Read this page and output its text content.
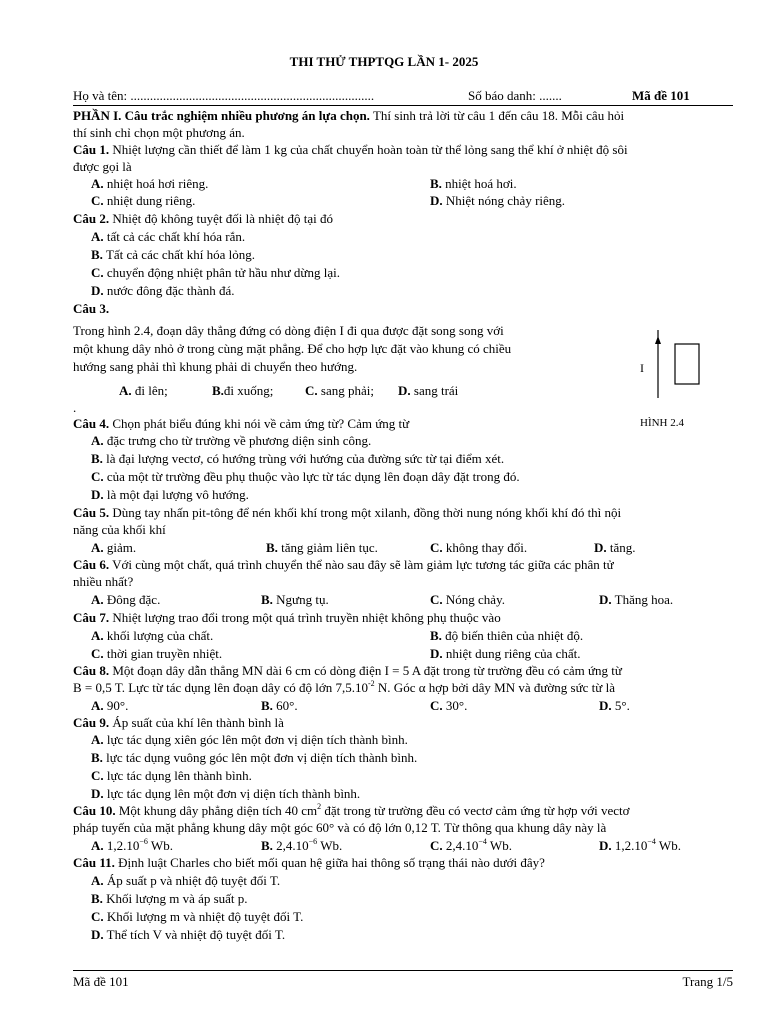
THI THỬ THPTQG LẦN 1- 2025
Họ và tên: ...........................................................................	Số báo danh: .......	Mã đề 101
PHẦN I. Câu trắc nghiệm nhiều phương án lựa chọn. Thí sinh trả lời từ câu 1 đến câu 18. Mỗi câu hỏi
thí sinh chỉ chọn một phương án.
Câu 1. Nhiệt lượng cần thiết để làm 1 kg của chất chuyển hoàn toàn từ thể lỏng sang thể khí ở nhiệt độ sôi
được gọi là
A. nhiệt hoá hơi riêng.	B. nhiệt hoá hơi.
C. nhiệt dung riêng.	D. Nhiệt nóng chảy riêng.
Câu 2. Nhiệt độ không tuyệt đối là nhiệt độ tại đó
A. tất cả các chất khí hóa rắn.
B. Tất cả các chất khí hóa lỏng.
C. chuyển động nhiệt phân tử hầu như dừng lại.
D. nước đông đặc thành đá.
Câu 3.
Trong hình 2.4, đoạn dây thẳng đứng có dòng điện I đi qua được đặt song song với
một khung dây nhỏ ở trong cùng mặt phẳng. Để cho hợp lực đặt vào khung có chiều
hướng sang phải thì khung phải di chuyển theo hướng.
A. đi lên;	B.đi xuống; C. sang phải; D. sang trái
.
I
HÌNH 2.4
Câu 4. Chọn phát biểu đúng khi nói về cảm ứng từ? Cảm ứng từ
A. đặc trưng cho từ trường về phương diện sinh công.
B. là đại lượng vectơ, có hướng trùng với hướng của đường sức từ tại điểm xét.
C. của một từ trường đều phụ thuộc vào lực từ tác dụng lên đoạn dây đặt trong đó.
D. là một đại lượng vô hướng.
Câu 5. Dùng tay nhấn pit-tông để nén khối khí trong một xilanh, đồng thời nung nóng khối khí đó thì nội
năng của khối khí
A. giảm.	B. tăng giảm liên tục.	C. không thay đổi.	D. tăng.
Câu 6. Với cùng một chất, quá trình chuyển thể nào sau đây sẽ làm giảm lực tương tác giữa các phân tử
nhiều nhất?
A. Đông đặc.	B. Ngưng tụ.	C. Nóng chảy.	D. Thăng hoa.
Câu 7. Nhiệt lượng trao đổi trong một quá trình truyền nhiệt không phụ thuộc vào
A. khối lượng của chất.	B. độ biến thiên của nhiệt độ.
C. thời gian truyền nhiệt.	D. nhiệt dung riêng của chất.
Câu 8. Một đoạn dây dẫn thẳng MN dài 6 cm có dòng điện I = 5 A đặt trong từ trường đều có cảm ứng từ
B = 0,5 T. Lực từ tác dụng lên đoạn dây có độ lớn $7,5.10^{-2}$ N. Góc α hợp bởi dây MN và đường sức từ là
A. 90°.	B. 60°.	C. 30°.	D. 5°.
Câu 9. Áp suất của khí lên thành bình là
A. lực tác dụng xiên góc lên một đơn vị diện tích thành bình.
B. lực tác dụng vuông góc lên một đơn vị diện tích thành bình.
C. lực tác dụng lên thành bình.
D. lực tác dụng lên một đơn vị diện tích thành bình.
Câu 10. Một khung dây phẳng diện tích 40 $cm^2$ đặt trong từ trường đều có vectơ cảm ứng từ hợp với vectơ
pháp tuyến của mặt phẳng khung dây một góc 60° và có độ lớn 0,12 T. Từ thông qua khung dây này là
A. $1,2.10^{-6}$ Wb.	B. $2,4.10^{-6}$ Wb.	C. $2,4.10^{-4}$ Wb.	D. $1,2.10^{-4}$ Wb.
Câu 11. Định luật Charles cho biết mối quan hệ giữa hai thông số trạng thái nào dưới đây?
A. Áp suất p và nhiệt độ tuyệt đối T.
B. Khối lượng m và áp suất p.
C. Khối lượng m và nhiệt độ tuyệt đối T.
D. Thể tích V và nhiệt độ tuyệt đối T.
Mã đề 101	Trang 1/5
